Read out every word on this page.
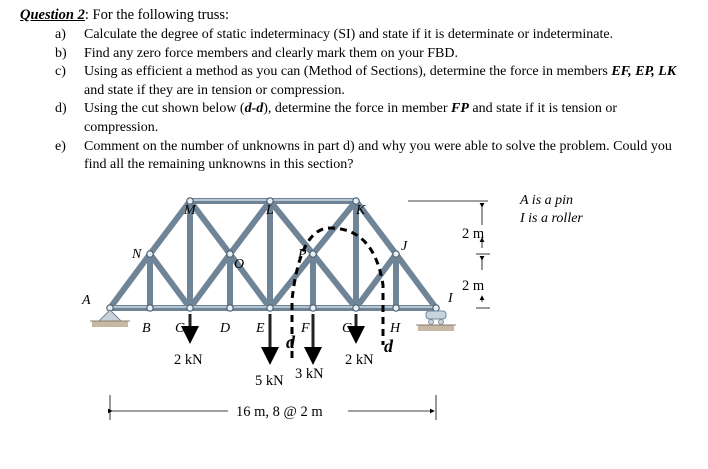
Question 2: For the following truss:
a) Calculate the degree of static indeterminacy (SI) and state if it is determinate or indeterminate.
b) Find any zero force members and clearly mark them on your FBD.
c) Using as efficient a method as you can (Method of Sections), determine the force in members EF, EP, LK and state if they are in tension or compression.
d) Using the cut shown below (d-d), determine the force in member FP and state if it is tension or compression.
e) Comment on the number of unknowns in part d) and why you were able to solve the problem. Could you find all the remaining unknowns in this section?
A is a pin
I is a roller
A
B C	D E	F G	H
I
J
K
L
M
N
O
P
d	d
2 kN
5 kN 3 kN
2 kN
2 m
2 m
16 m, 8 @ 2 m
